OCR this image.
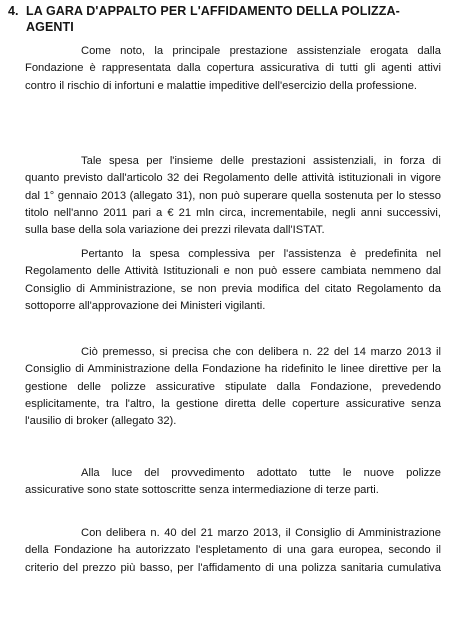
4. LA GARA D'APPALTO PER L'AFFIDAMENTO DELLA POLIZZA-
AGENTI
Come noto, la principale prestazione assistenziale erogata dalla
Fondazione è rappresentata dalla copertura assicurativa di tutti gli agenti attivi
contro il rischio di infortuni e malattie impeditive dell'esercizio della professione.
Tale spesa per l'insieme delle prestazioni assistenziali, in forza di
quanto previsto dall'articolo 32 dei Regolamento delle attività istituzionali in vigore
dal 1° gennaio 2013 (allegato 31), non può superare quella sostenuta per lo stesso
titolo nell'anno 2011 pari a € 21 mln circa, incrementabile, negli anni successivi,
sulla base della sola variazione dei prezzi rilevata dall'ISTAT.
Pertanto la spesa complessiva per l'assistenza è predefinita nel
Regolamento delle Attività Istituzionali e non può essere cambiata nemmeno dal
Consiglio di Amministrazione, se non previa modifica del citato Regolamento da
sottoporre all'approvazione dei Ministeri vigilanti.
Ciò premesso, si precisa che con delibera n. 22 del 14 marzo 2013 il
Consiglio di Amministrazione della Fondazione ha ridefinito le linee direttive per la
gestione delle polizze assicurative stipulate dalla Fondazione, prevedendo
esplicitamente, tra l'altro, la gestione diretta delle coperture assicurative senza
l'ausilio di broker (allegato 32).
Alla luce del provvedimento adottato tutte le nuove polizze
assicurative sono state sottoscritte senza intermediazione di terze parti.
Con delibera n. 40 del 21 marzo 2013, il Consiglio di Amministrazione
della Fondazione ha autorizzato l'espletamento di una gara europea, secondo il
criterio del prezzo più basso, per l'affidamento di una polizza sanitaria cumulativa
